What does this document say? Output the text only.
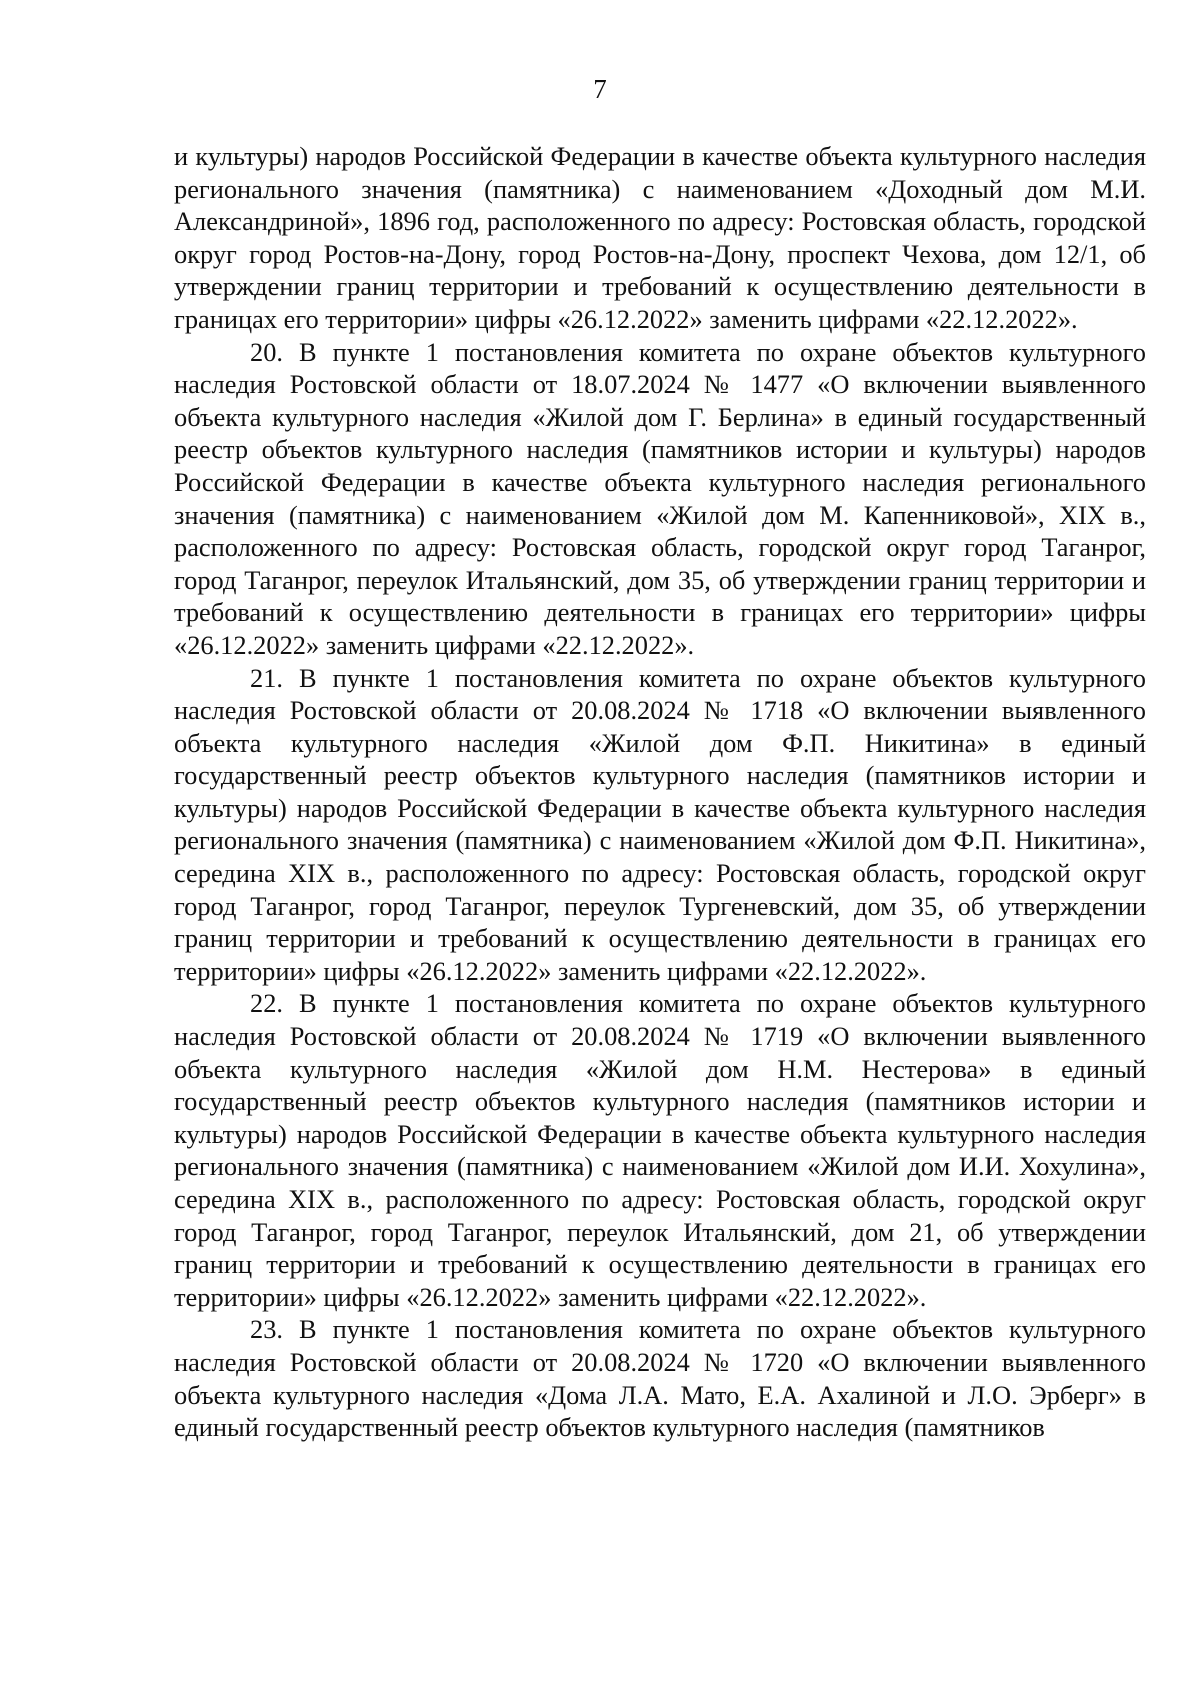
7

и культуры) народов Российской Федерации в качестве объекта культурного наследия регионального значения (памятника) с наименованием «Доходный дом М.И. Александриной», 1896 год, расположенного по адресу: Ростовская область, городской округ город Ростов-на-Дону, город Ростов-на-Дону, проспект Чехова, дом 12/1, об утверждении границ территории и требований к осуществлению деятельности в границах его территории» цифры «26.12.2022» заменить цифрами «22.12.2022».

20. В пункте 1 постановления комитета по охране объектов культурного наследия Ростовской области от 18.07.2024 № 1477 «О включении выявленного объекта культурного наследия «Жилой дом Г. Берлина» в единый государственный реестр объектов культурного наследия (памятников истории и культуры) народов Российской Федерации в качестве объекта культурного наследия регионального значения (памятника) с наименованием «Жилой дом М. Капенниковой», XIX в., расположенного по адресу: Ростовская область, городской округ город Таганрог, город Таганрог, переулок Итальянский, дом 35, об утверждении границ территории и требований к осуществлению деятельности в границах его территории» цифры «26.12.2022» заменить цифрами «22.12.2022».

21. В пункте 1 постановления комитета по охране объектов культурного наследия Ростовской области от 20.08.2024 № 1718 «О включении выявленного объекта культурного наследия «Жилой дом Ф.П. Никитина» в единый государственный реестр объектов культурного наследия (памятников истории и культуры) народов Российской Федерации в качестве объекта культурного наследия регионального значения (памятника) с наименованием «Жилой дом Ф.П. Никитина», середина XIX в., расположенного по адресу: Ростовская область, городской округ город Таганрог, город Таганрог, переулок Тургеневский, дом 35, об утверждении границ территории и требований к осуществлению деятельности в границах его территории» цифры «26.12.2022» заменить цифрами «22.12.2022».

22. В пункте 1 постановления комитета по охране объектов культурного наследия Ростовской области от 20.08.2024 № 1719 «О включении выявленного объекта культурного наследия «Жилой дом Н.М. Нестерова» в единый государственный реестр объектов культурного наследия (памятников истории и культуры) народов Российской Федерации в качестве объекта культурного наследия регионального значения (памятника) с наименованием «Жилой дом И.И. Хохулина», середина XIX в., расположенного по адресу: Ростовская область, городской округ город Таганрог, город Таганрог, переулок Итальянский, дом 21, об утверждении границ территории и требований к осуществлению деятельности в границах его территории» цифры «26.12.2022» заменить цифрами «22.12.2022».

23. В пункте 1 постановления комитета по охране объектов культурного наследия Ростовской области от 20.08.2024 № 1720 «О включении выявленного объекта культурного наследия «Дома Л.А. Мато, Е.А. Ахалиной и Л.О. Эрберг» в единый государственный реестр объектов культурного наследия (памятников
